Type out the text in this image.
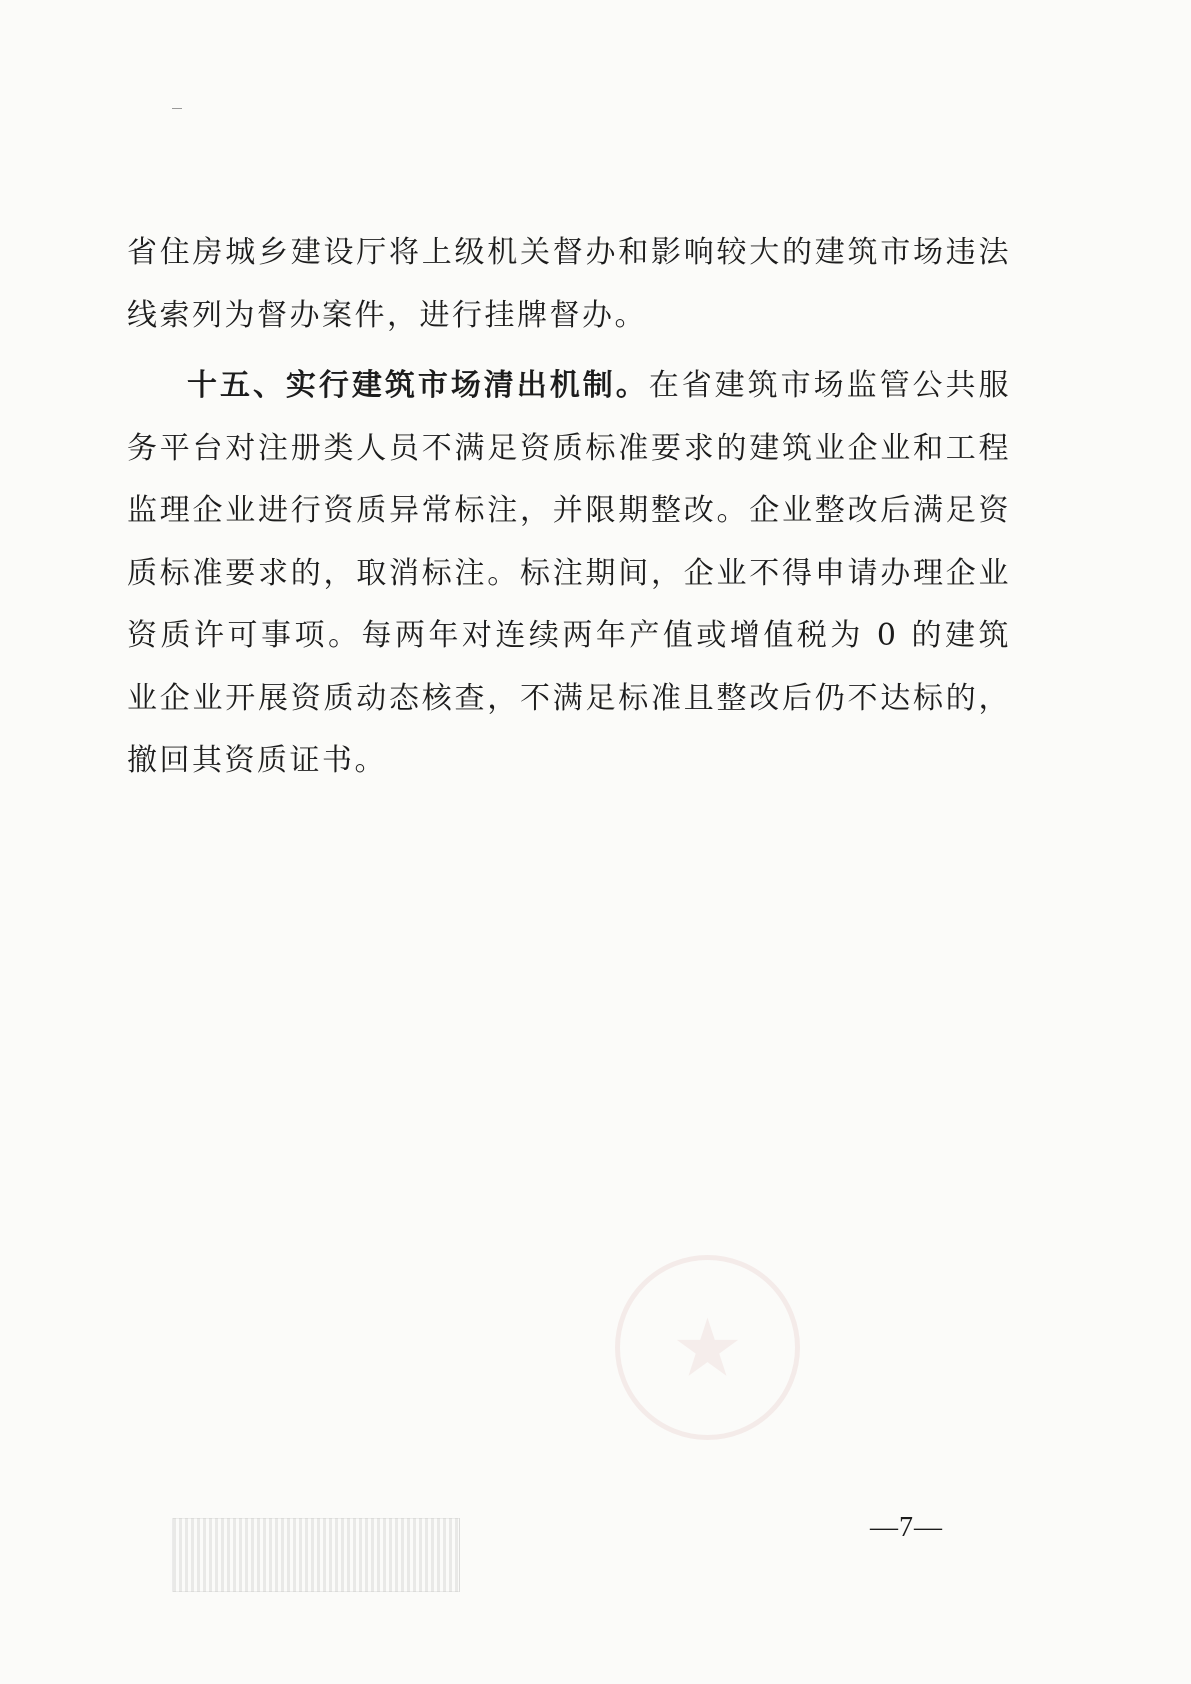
★

省住房城乡建设厅将上级机关督办和影响较大的建筑市场违法线索列为督办案件，进行挂牌督办。

十五、实行建筑市场清出机制。在省建筑市场监管公共服务平台对注册类人员不满足资质标准要求的建筑业企业和工程监理企业进行资质异常标注，并限期整改。企业整改后满足资质标准要求的，取消标注。标注期间，企业不得申请办理企业资质许可事项。每两年对连续两年产值或增值税为 0 的建筑业企业开展资质动态核查，不满足标准且整改后仍不达标的，撤回其资质证书。

—7—
